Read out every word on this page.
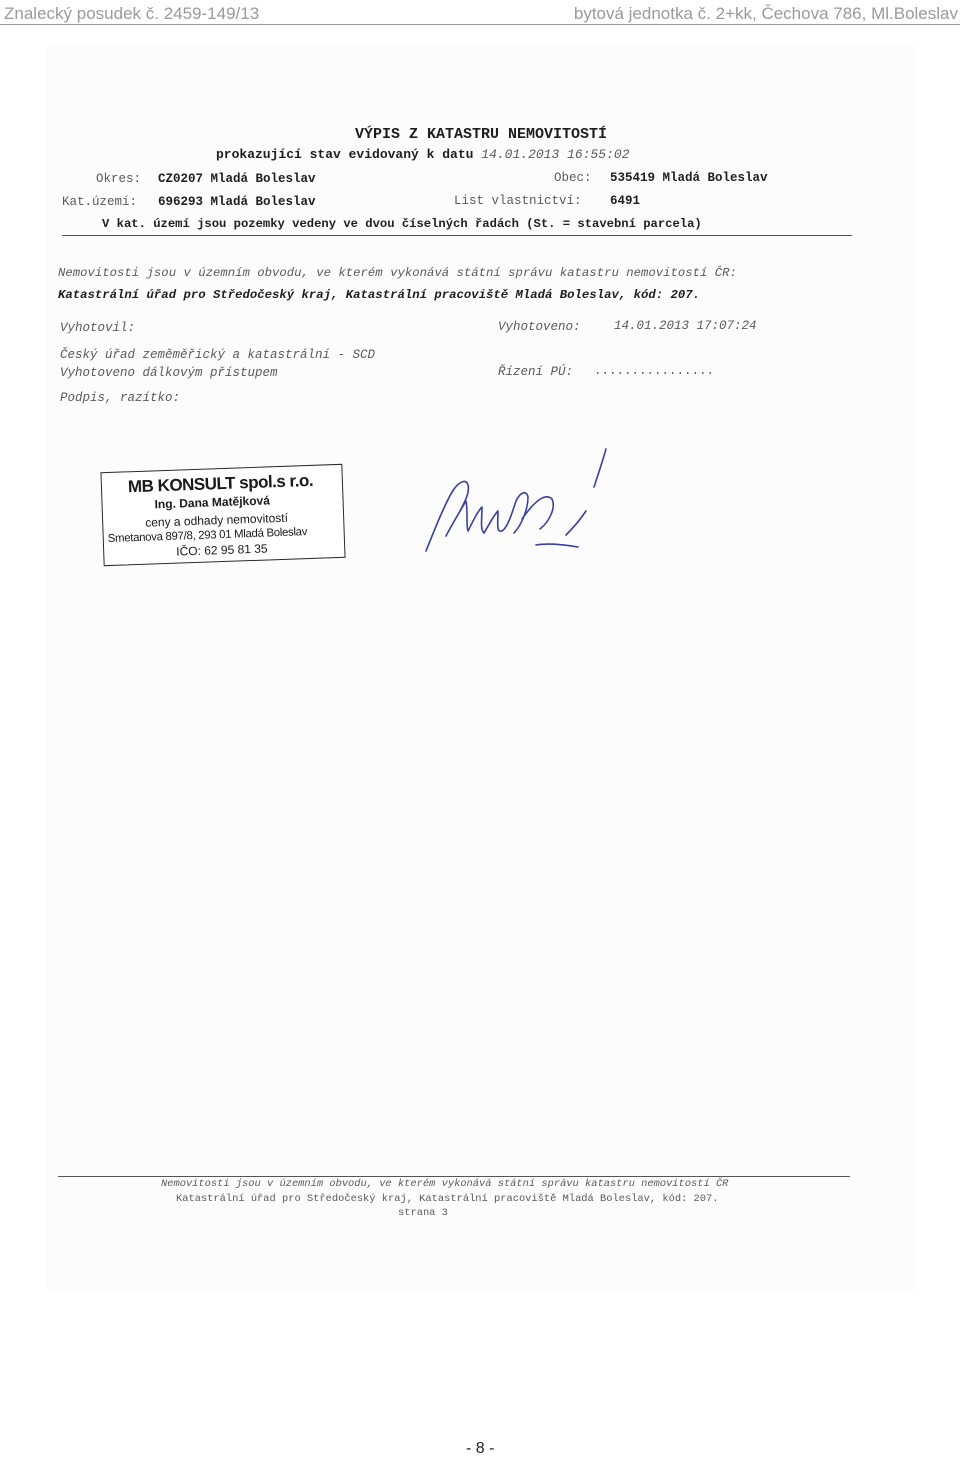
Znalecký posudek č. 2459-149/13	bytová jednotka č. 2+kk, Čechova 786, Ml.Boleslav
VÝPIS Z KATASTRU NEMOVITOSTÍ
prokazující stav evidovaný k datu 14.01.2013 16:55:02
Okres: CZ0207 Mladá Boleslav	Obec: 535419 Mladá Boleslav
Kat.území: 696293 Mladá Boleslav	List vlastnictví: 6491
V kat. území jsou pozemky vedeny ve dvou číselných řadách (St. = stavební parcela)
Nemovitosti jsou v územním obvodu, ve kterém vykonává státní správu katastru nemovitostí ČR:
Katastrální úřad pro Středočeský kraj, Katastrální pracoviště Mladá Boleslav, kód: 207.
Vyhotovil:	Vyhotoveno:	14.01.2013 17:07:24
Český úřad zeměměřický a katastrální - SCD
Vyhotoveno dálkovým přístupem	Řízení PÚ: ................
Podpis, razítko:
MB KONSULT spol.s r.o.
Ing. Dana Matějková
ceny a odhady nemovitostí
Smetanova 897/8, 293 01 Mladá Boleslav
IČO: 62 95 81 35
Nemovitosti jsou v územním obvodu, ve kterém vykonává státní správu katastru nemovitostí ČR
Katastrální úřad pro Středočeský kraj, Katastrální pracoviště Mladá Boleslav, kód: 207.
strana 3
- 8 -
